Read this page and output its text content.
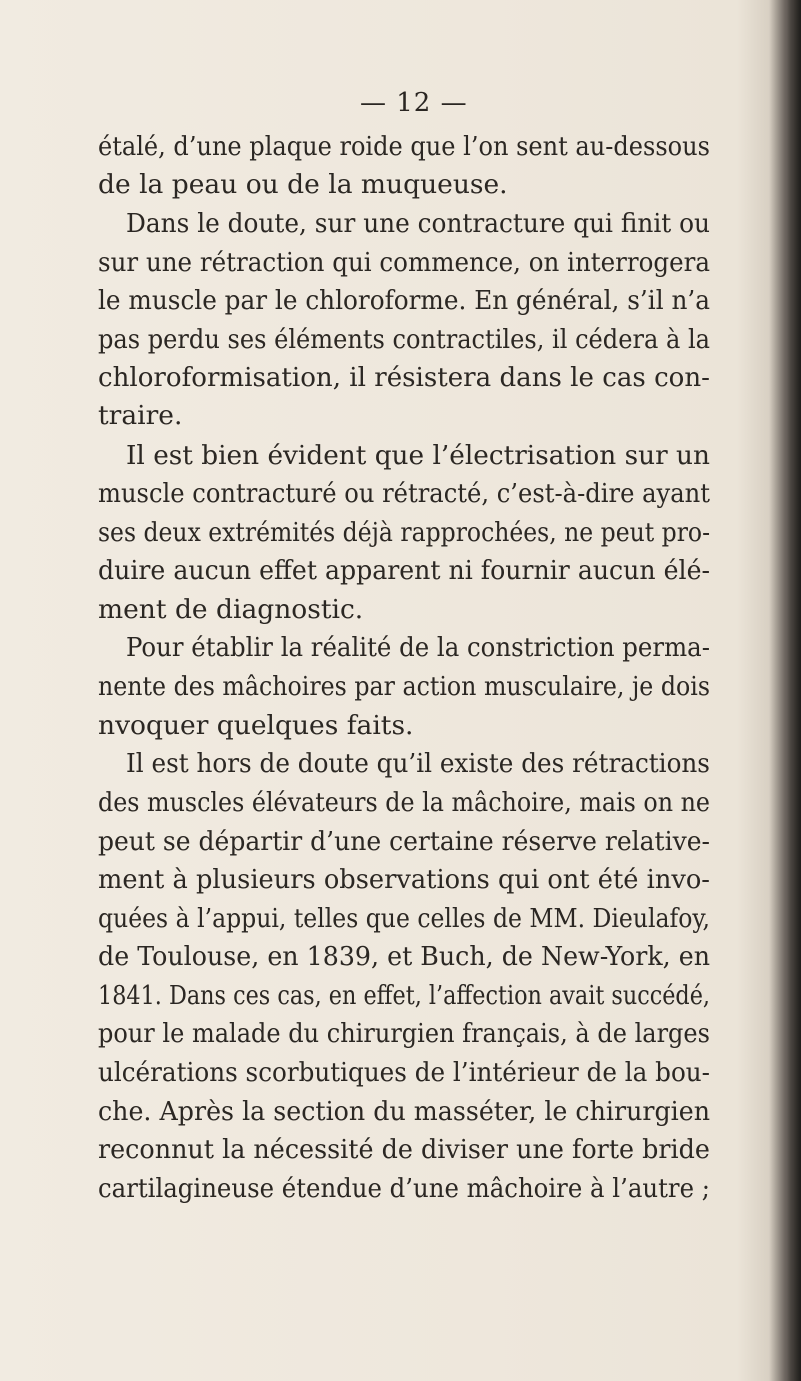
— 12 —
étalé, d’une plaque roide que l’on sent au-dessous
de la peau ou de la muqueuse.
Dans le doute, sur une contracture qui finit ou
sur une rétraction qui commence, on interrogera
le muscle par le chloroforme. En général, s’il n’a
pas perdu ses éléments contractiles, il cédera à la
chloroformisation, il résistera dans le cas con-
traire.
Il est bien évident que l’électrisation sur un
muscle contracturé ou rétracté, c’est-à-dire ayant
ses deux extrémités déjà rapprochées, ne peut pro-
duire aucun effet apparent ni fournir aucun élé-
ment de diagnostic.
Pour établir la réalité de la constriction perma-
nente des mâchoires par action musculaire, je dois
nvoquer quelques faits.
Il est hors de doute qu’il existe des rétractions
des muscles élévateurs de la mâchoire, mais on ne
peut se départir d’une certaine réserve relative-
ment à plusieurs observations qui ont été invo-
quées à l’appui, telles que celles de MM. Dieulafoy,
de Toulouse, en 1839, et Buch, de New-York, en
1841. Dans ces cas, en effet, l’affection avait succédé,
pour le malade du chirurgien français, à de larges
ulcérations scorbutiques de l’intérieur de la bou-
che. Après la section du masséter, le chirurgien
reconnut la nécessité de diviser une forte bride
cartilagineuse étendue d’une mâchoire à l’autre ;
